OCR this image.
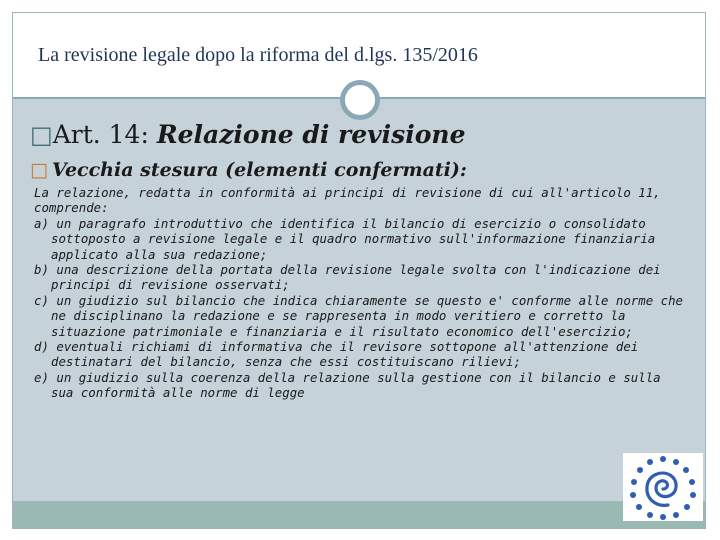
La revisione legale dopo la riforma del d.lgs. 135/2016
□Art. 14: Relazione di revisione
□ Vecchia stesura (elementi confermati):

La relazione, redatta in conformità ai principi di revisione di cui all'articolo 11, comprende:

a) un paragrafo introduttivo che identifica il bilancio di esercizio o consolidato sottoposto a revisione legale e il quadro normativo sull'informazione finanziaria applicato alla sua redazione;

b) una descrizione della portata della revisione legale svolta con l'indicazione dei principi di revisione osservati;

c) un giudizio sul bilancio che indica chiaramente se questo e' conforme alle norme che ne disciplinano la redazione e se rappresenta in modo veritiero e corretto la situazione patrimoniale e finanziaria e il risultato economico dell'esercizio;

d) eventuali richiami di informativa che il revisore sottopone all'attenzione dei destinatari del bilancio, senza che essi costituiscano rilievi;

e) un giudizio sulla coerenza della relazione sulla gestione con il bilancio e sulla sua conformità alle norme di legge
